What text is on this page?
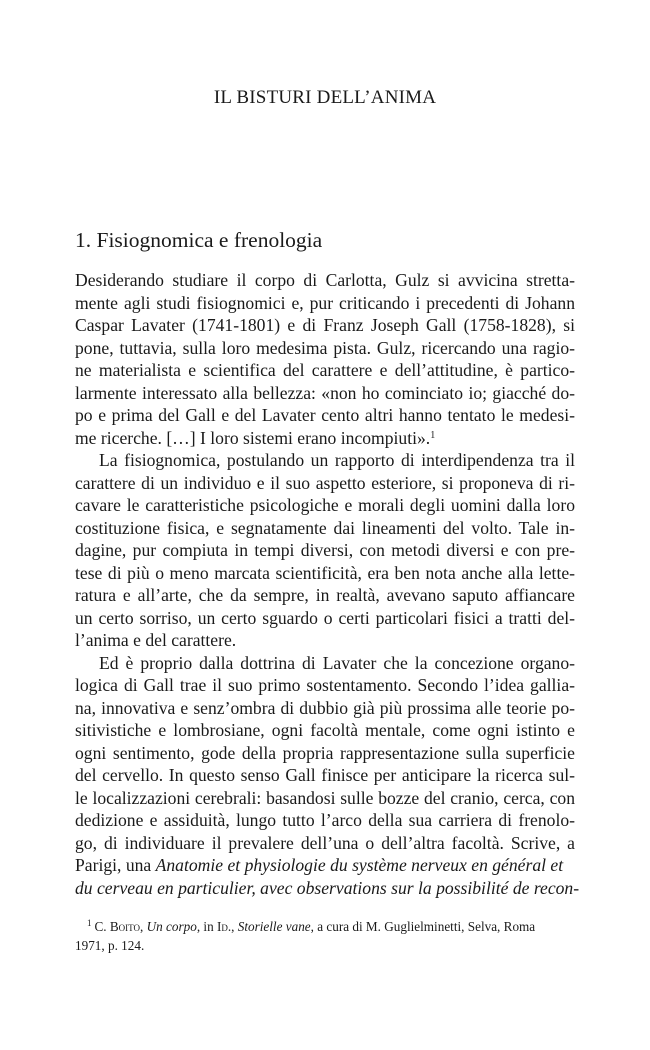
IL BISTURI DELL’ANIMA
1. Fisiognomica e frenologia
Desiderando studiare il corpo di Carlotta, Gulz si avvicina stretta-
mente agli studi fisiognomici e, pur criticando i precedenti di Johann
Caspar Lavater (1741-1801) e di Franz Joseph Gall (1758-1828), si
pone, tuttavia, sulla loro medesima pista. Gulz, ricercando una ragio-
ne materialista e scientifica del carattere e dell’attitudine, è partico-
larmente interessato alla bellezza: «non ho cominciato io; giacché do-
po e prima del Gall e del Lavater cento altri hanno tentato le medesi-
me ricerche. […] I loro sistemi erano incompiuti».$^1$
La fisiognomica, postulando un rapporto di interdipendenza tra il
carattere di un individuo e il suo aspetto esteriore, si proponeva di ri-
cavare le caratteristiche psicologiche e morali degli uomini dalla loro
costituzione fisica, e segnatamente dai lineamenti del volto. Tale in-
dagine, pur compiuta in tempi diversi, con metodi diversi e con pre-
tese di più o meno marcata scientificità, era ben nota anche alla lette-
ratura e all’arte, che da sempre, in realtà, avevano saputo affiancare
un certo sorriso, un certo sguardo o certi particolari fisici a tratti del-
l’anima e del carattere.
Ed è proprio dalla dottrina di Lavater che la concezione organo-
logica di Gall trae il suo primo sostentamento. Secondo l’idea gallia-
na, innovativa e senz’ombra di dubbio già più prossima alle teorie po-
sitivistiche e lombrosiane, ogni facoltà mentale, come ogni istinto e
ogni sentimento, gode della propria rappresentazione sulla superficie
del cervello. In questo senso Gall finisce per anticipare la ricerca sul-
le localizzazioni cerebrali: basandosi sulle bozze del cranio, cerca, con
dedizione e assiduità, lungo tutto l’arco della sua carriera di frenolo-
go, di individuare il prevalere dell’una o dell’altra facoltà. Scrive, a
Parigi, una Anatomie et physiologie du système nerveux en général et
du cerveau en particulier, avec observations sur la possibilité de recon-
$^1$ C. Boito, Un corpo, in Id., Storielle vane, a cura di M. Guglielminetti, Selva, Roma
1971, p. 124.
